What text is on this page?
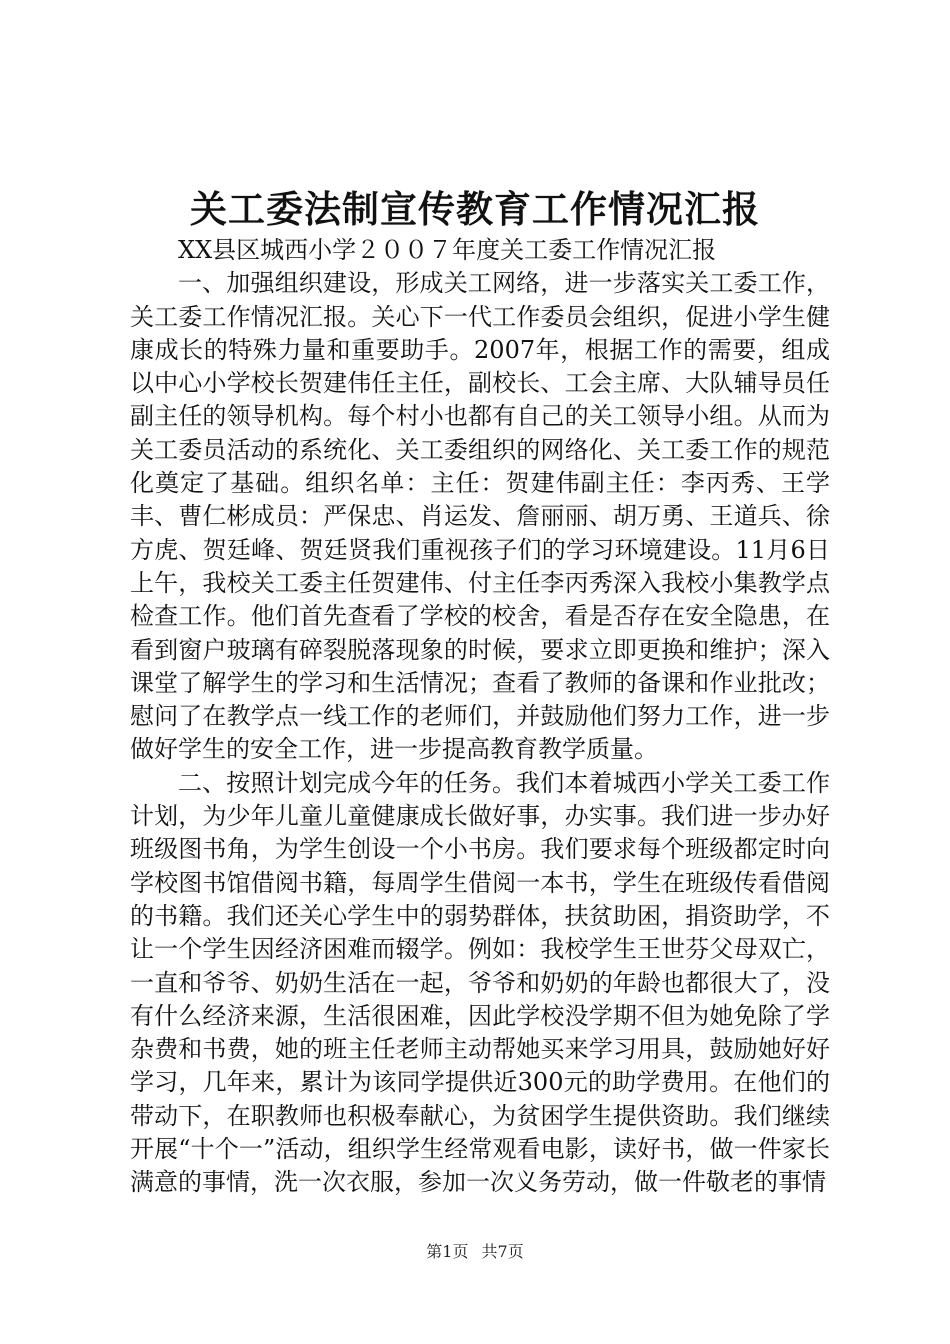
关工委法制宣传教育工作情况汇报

XX县区城西小学２００７年度关工委工作情况汇报

一、加强组织建设，形成关工网络，进一步落实关工委工作，关工委工作情况汇报。关心下一代工作委员会组织，促进小学生健康成长的特殊力量和重要助手。2007年，根据工作的需要，组成以中心小学校长贺建伟任主任，副校长、工会主席、大队辅导员任副主任的领导机构。每个村小也都有自己的关工领导小组。从而为关工委员活动的系统化、关工委组织的网络化、关工委工作的规范化奠定了基础。组织名单：主任：贺建伟副主任：李丙秀、王学丰、曹仁彬成员：严保忠、肖运发、詹丽丽、胡万勇、王道兵、徐方虎、贺廷峰、贺廷贤我们重视孩子们的学习环境建设。11月6日上午，我校关工委主任贺建伟、付主任李丙秀深入我校小集教学点检查工作。他们首先查看了学校的校舍，看是否存在安全隐患，在看到窗户玻璃有碎裂脱落现象的时候，要求立即更换和维护；深入课堂了解学生的学习和生活情况；查看了教师的备课和作业批改；慰问了在教学点一线工作的老师们，并鼓励他们努力工作，进一步做好学生的安全工作，进一步提高教育教学质量。

二、按照计划完成今年的任务。我们本着城西小学关工委工作计划，为少年儿童儿童健康成长做好事，办实事。我们进一步办好班级图书角，为学生创设一个小书房。我们要求每个班级都定时向学校图书馆借阅书籍，每周学生借阅一本书，学生在班级传看借阅的书籍。我们还关心学生中的弱势群体，扶贫助困，捐资助学，不让一个学生因经济困难而辍学。例如：我校学生王世芬父母双亡，一直和爷爷、奶奶生活在一起，爷爷和奶奶的年龄也都很大了，没有什么经济来源，生活很困难，因此学校没学期不但为她免除了学杂费和书费，她的班主任老师主动帮她买来学习用具，鼓励她好好学习，几年来，累计为该同学提供近300元的助学费用。在他们的带动下，在职教师也积极奉献心，为贫困学生提供资助。我们继续开展“十个一”活动，组织学生经常观看电影，读好书，做一件家长满意的事情，洗一次衣服，参加一次义务劳动，做一件敬老的事情

第1页 共7页
